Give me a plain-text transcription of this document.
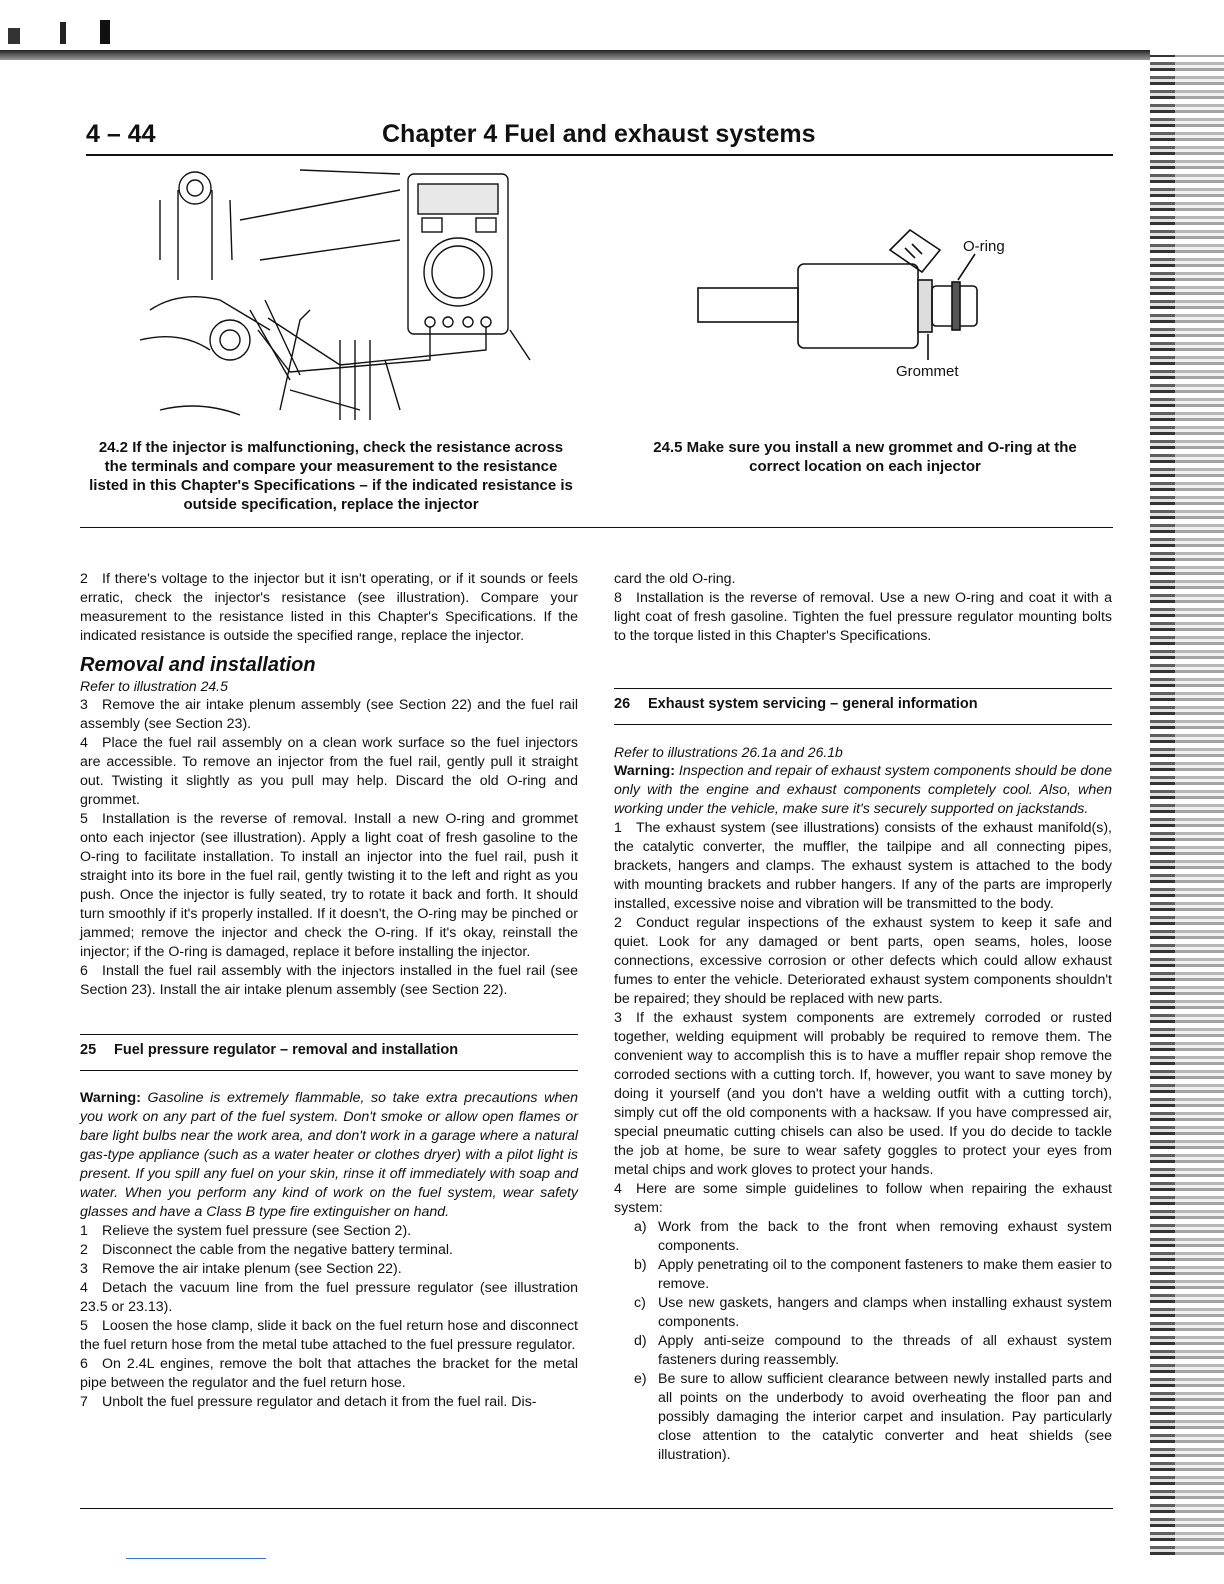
4 – 44	Chapter 4 Fuel and exhaust systems
24.2 If the injector is malfunctioning, check the resistance across the terminals and compare your measurement to the resistance listed in this Chapter's Specifications – if the indicated resistance is outside specification, replace the injector
O-ring
Grommet
24.5 Make sure you install a new grommet and O-ring at the correct location on each injector

2 If there's voltage to the injector but it isn't operating, or if it sounds or feels erratic, check the injector's resistance (see illustration). Compare your measurement to the resistance listed in this Chapter's Specifications. If the indicated resistance is outside the specified range, replace the injector.

Removal and installation
Refer to illustration 24.5

3 Remove the air intake plenum assembly (see Section 22) and the fuel rail assembly (see Section 23).

4 Place the fuel rail assembly on a clean work surface so the fuel injectors are accessible. To remove an injector from the fuel rail, gently pull it straight out. Twisting it slightly as you pull may help. Discard the old O-ring and grommet.

5 Installation is the reverse of removal. Install a new O-ring and grommet onto each injector (see illustration). Apply a light coat of fresh gasoline to the O-ring to facilitate installation. To install an injector into the fuel rail, push it straight into its bore in the fuel rail, gently twisting it to the left and right as you push. Once the injector is fully seated, try to rotate it back and forth. It should turn smoothly if it's properly installed. If it doesn't, the O-ring may be pinched or jammed; remove the injector and check the O-ring. If it's okay, reinstall the injector; if the O-ring is damaged, replace it before installing the injector.

6 Install the fuel rail assembly with the injectors installed in the fuel rail (see Section 23). Install the air intake plenum assembly (see Section 22).

25 Fuel pressure regulator – removal and installation

Warning: Gasoline is extremely flammable, so take extra precautions when you work on any part of the fuel system. Don't smoke or allow open flames or bare light bulbs near the work area, and don't work in a garage where a natural gas-type appliance (such as a water heater or clothes dryer) with a pilot light is present. If you spill any fuel on your skin, rinse it off immediately with soap and water. When you perform any kind of work on the fuel system, wear safety glasses and have a Class B type fire extinguisher on hand.

1 Relieve the system fuel pressure (see Section 2).

2 Disconnect the cable from the negative battery terminal.

3 Remove the air intake plenum (see Section 22).

4 Detach the vacuum line from the fuel pressure regulator (see illustration 23.5 or 23.13).

5 Loosen the hose clamp, slide it back on the fuel return hose and disconnect the fuel return hose from the metal tube attached to the fuel pressure regulator.

6 On 2.4L engines, remove the bolt that attaches the bracket for the metal pipe between the regulator and the fuel return hose.

7 Unbolt the fuel pressure regulator and detach it from the fuel rail. Dis-

card the old O-ring.

8 Installation is the reverse of removal. Use a new O-ring and coat it with a light coat of fresh gasoline. Tighten the fuel pressure regulator mounting bolts to the torque listed in this Chapter's Specifications.

26 Exhaust system servicing – general information
Refer to illustrations 26.1a and 26.1b

Warning: Inspection and repair of exhaust system components should be done only with the engine and exhaust components completely cool. Also, when working under the vehicle, make sure it's securely supported on jackstands.

1 The exhaust system (see illustrations) consists of the exhaust manifold(s), the catalytic converter, the muffler, the tailpipe and all connecting pipes, brackets, hangers and clamps. The exhaust system is attached to the body with mounting brackets and rubber hangers. If any of the parts are improperly installed, excessive noise and vibration will be transmitted to the body.

2 Conduct regular inspections of the exhaust system to keep it safe and quiet. Look for any damaged or bent parts, open seams, holes, loose connections, excessive corrosion or other defects which could allow exhaust fumes to enter the vehicle. Deteriorated exhaust system components shouldn't be repaired; they should be replaced with new parts.

3 If the exhaust system components are extremely corroded or rusted together, welding equipment will probably be required to remove them. The convenient way to accomplish this is to have a muffler repair shop remove the corroded sections with a cutting torch. If, however, you want to save money by doing it yourself (and you don't have a welding outfit with a cutting torch), simply cut off the old components with a hacksaw. If you have compressed air, special pneumatic cutting chisels can also be used. If you do decide to tackle the job at home, be sure to wear safety goggles to protect your eyes from metal chips and work gloves to protect your hands.

4 Here are some simple guidelines to follow when repairing the exhaust system:

a) Work from the back to the front when removing exhaust system components.
b) Apply penetrating oil to the component fasteners to make them easier to remove.
c) Use new gaskets, hangers and clamps when installing exhaust system components.
d) Apply anti-seize compound to the threads of all exhaust system fasteners during reassembly.
e) Be sure to allow sufficient clearance between newly installed parts and all points on the underbody to avoid overheating the floor pan and possibly damaging the interior carpet and insulation. Pay particularly close attention to the catalytic converter and heat shields (see illustration).
